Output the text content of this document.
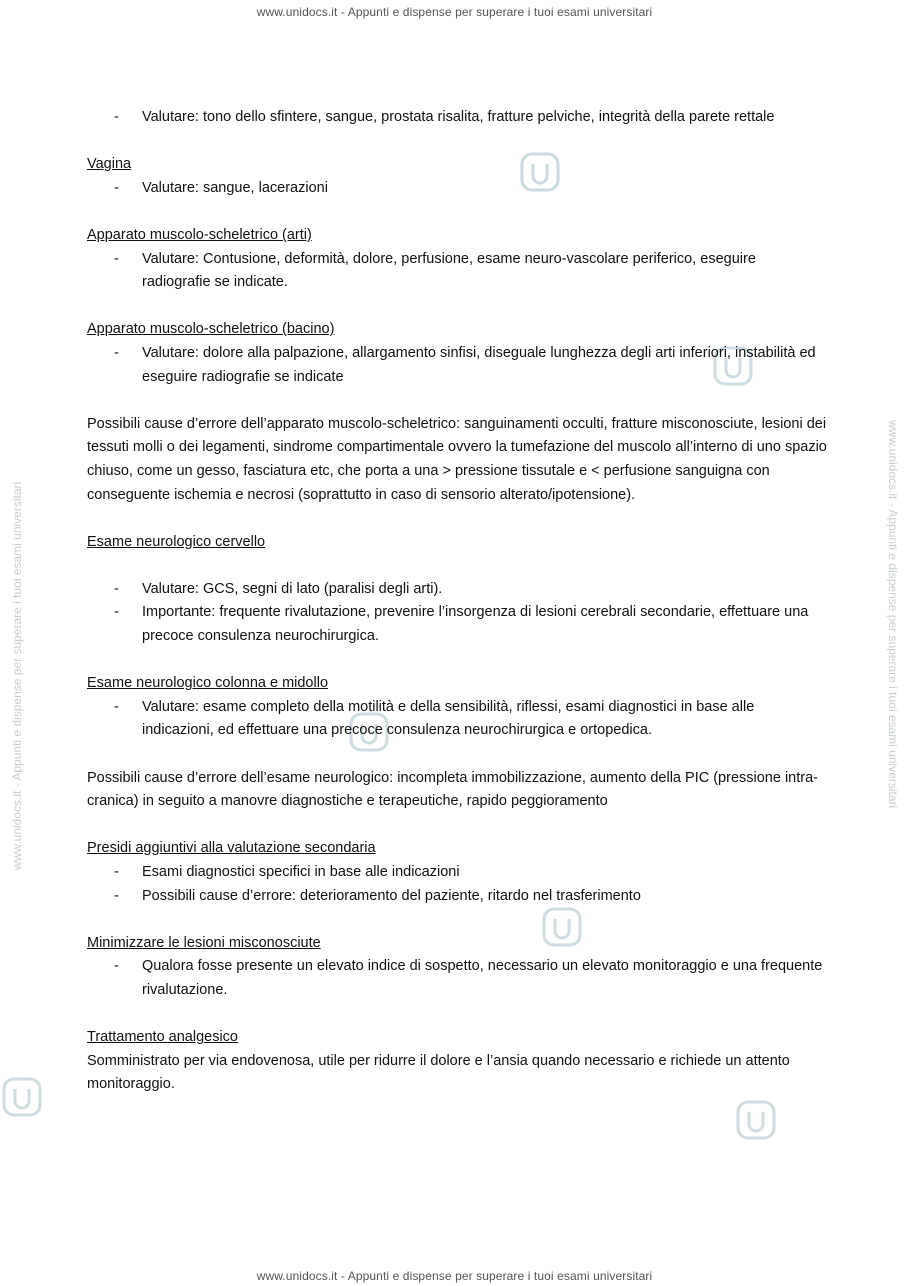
www.unidocs.it - Appunti e dispense per superare i tuoi esami universitari
www.unidocs.it - Appunti e dispense per superare i tuoi esami universitari
www.unidocs.it - Appunti e dispense per superare i tuoi esami universitari	www.unidocs.it - Appunti e dispense per superare i tuoi esami universitari
- Valutare: tono dello sfintere, sangue, prostata risalita, fratture pelviche, integrità della parete rettale

Vagina

- Valutare: sangue, lacerazioni

Apparato muscolo-scheletrico (arti)

- Valutare: Contusione, deformità, dolore, perfusione, esame neuro-vascolare periferico, eseguire radiografie se indicate.

Apparato muscolo-scheletrico (bacino)

- Valutare: dolore alla palpazione, allargamento sinfisi, diseguale lunghezza degli arti inferiori, instabilità ed eseguire radiografie se indicate

Possibili cause d’errore dell’apparato muscolo-scheletrico: sanguinamenti occulti, fratture misconosciute, lesioni dei tessuti molli o dei legamenti, sindrome compartimentale ovvero la tumefazione del muscolo all’interno di uno spazio chiuso, come un gesso, fasciatura etc, che porta a una > pressione tissutale e < perfusione sanguigna con conseguente ischemia e necrosi (soprattutto in caso di sensorio alterato/ipotensione).

Esame neurologico cervello

- Valutare: GCS, segni di lato (paralisi degli arti).
- Importante: frequente rivalutazione, prevenire l’insorgenza di lesioni cerebrali secondarie, effettuare una precoce consulenza neurochirurgica.

Esame neurologico colonna e midollo

- Valutare: esame completo della motilità e della sensibilità, riflessi, esami diagnostici in base alle indicazioni, ed effettuare una precoce consulenza neurochirurgica e ortopedica.

Possibili cause d’errore dell’esame neurologico: incompleta immobilizzazione, aumento della PIC (pressione intra-cranica) in seguito a manovre diagnostiche e terapeutiche, rapido peggioramento

Presidi aggiuntivi alla valutazione secondaria

- Esami diagnostici specifici in base alle indicazioni
- Possibili cause d’errore: deterioramento del paziente, ritardo nel trasferimento

Minimizzare le lesioni misconosciute

- Qualora fosse presente un elevato indice di sospetto, necessario un elevato monitoraggio e una frequente rivalutazione.

Trattamento analgesico

Somministrato per via endovenosa, utile per ridurre il dolore e l’ansia quando necessario e richiede un attento monitoraggio.
